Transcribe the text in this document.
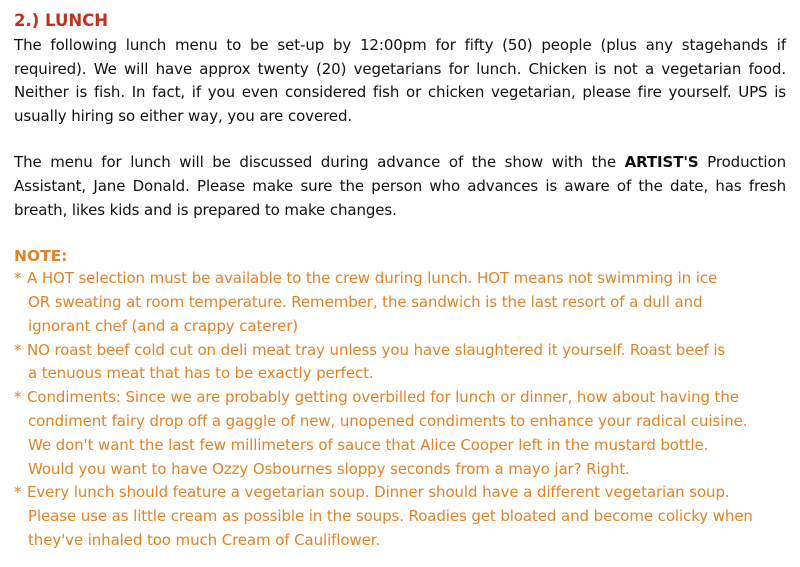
2.) LUNCH

The following lunch menu to be set-up by 12:00pm for fifty (50) people (plus any stagehands if required). We will have approx twenty (20) vegetarians for lunch. Chicken is not a vegetarian food. Neither is fish. In fact, if you even considered fish or chicken vegetarian, please fire yourself. UPS is usually hiring so either way, you are covered.

The menu for lunch will be discussed during advance of the show with the ARTIST'S Production Assistant, Jane Donald. Please make sure the person who advances is aware of the date, has fresh breath, likes kids and is prepared to make changes.

NOTE:
* A HOT selection must be available to the crew during lunch. HOT means not swimming in ice
OR sweating at room temperature. Remember, the sandwich is the last resort of a dull and
ignorant chef (and a crappy caterer)
* NO roast beef cold cut on deli meat tray unless you have slaughtered it yourself. Roast beef is
a tenuous meat that has to be exactly perfect.
* Condiments: Since we are probably getting overbilled for lunch or dinner, how about having the
condiment fairy drop off a gaggle of new, unopened condiments to enhance your radical cuisine.
We don't want the last few millimeters of sauce that Alice Cooper left in the mustard bottle.
Would you want to have Ozzy Osbournes sloppy seconds from a mayo jar? Right.
* Every lunch should feature a vegetarian soup. Dinner should have a different vegetarian soup.
Please use as little cream as possible in the soups. Roadies get bloated and become colicky when
they've inhaled too much Cream of Cauliflower.
